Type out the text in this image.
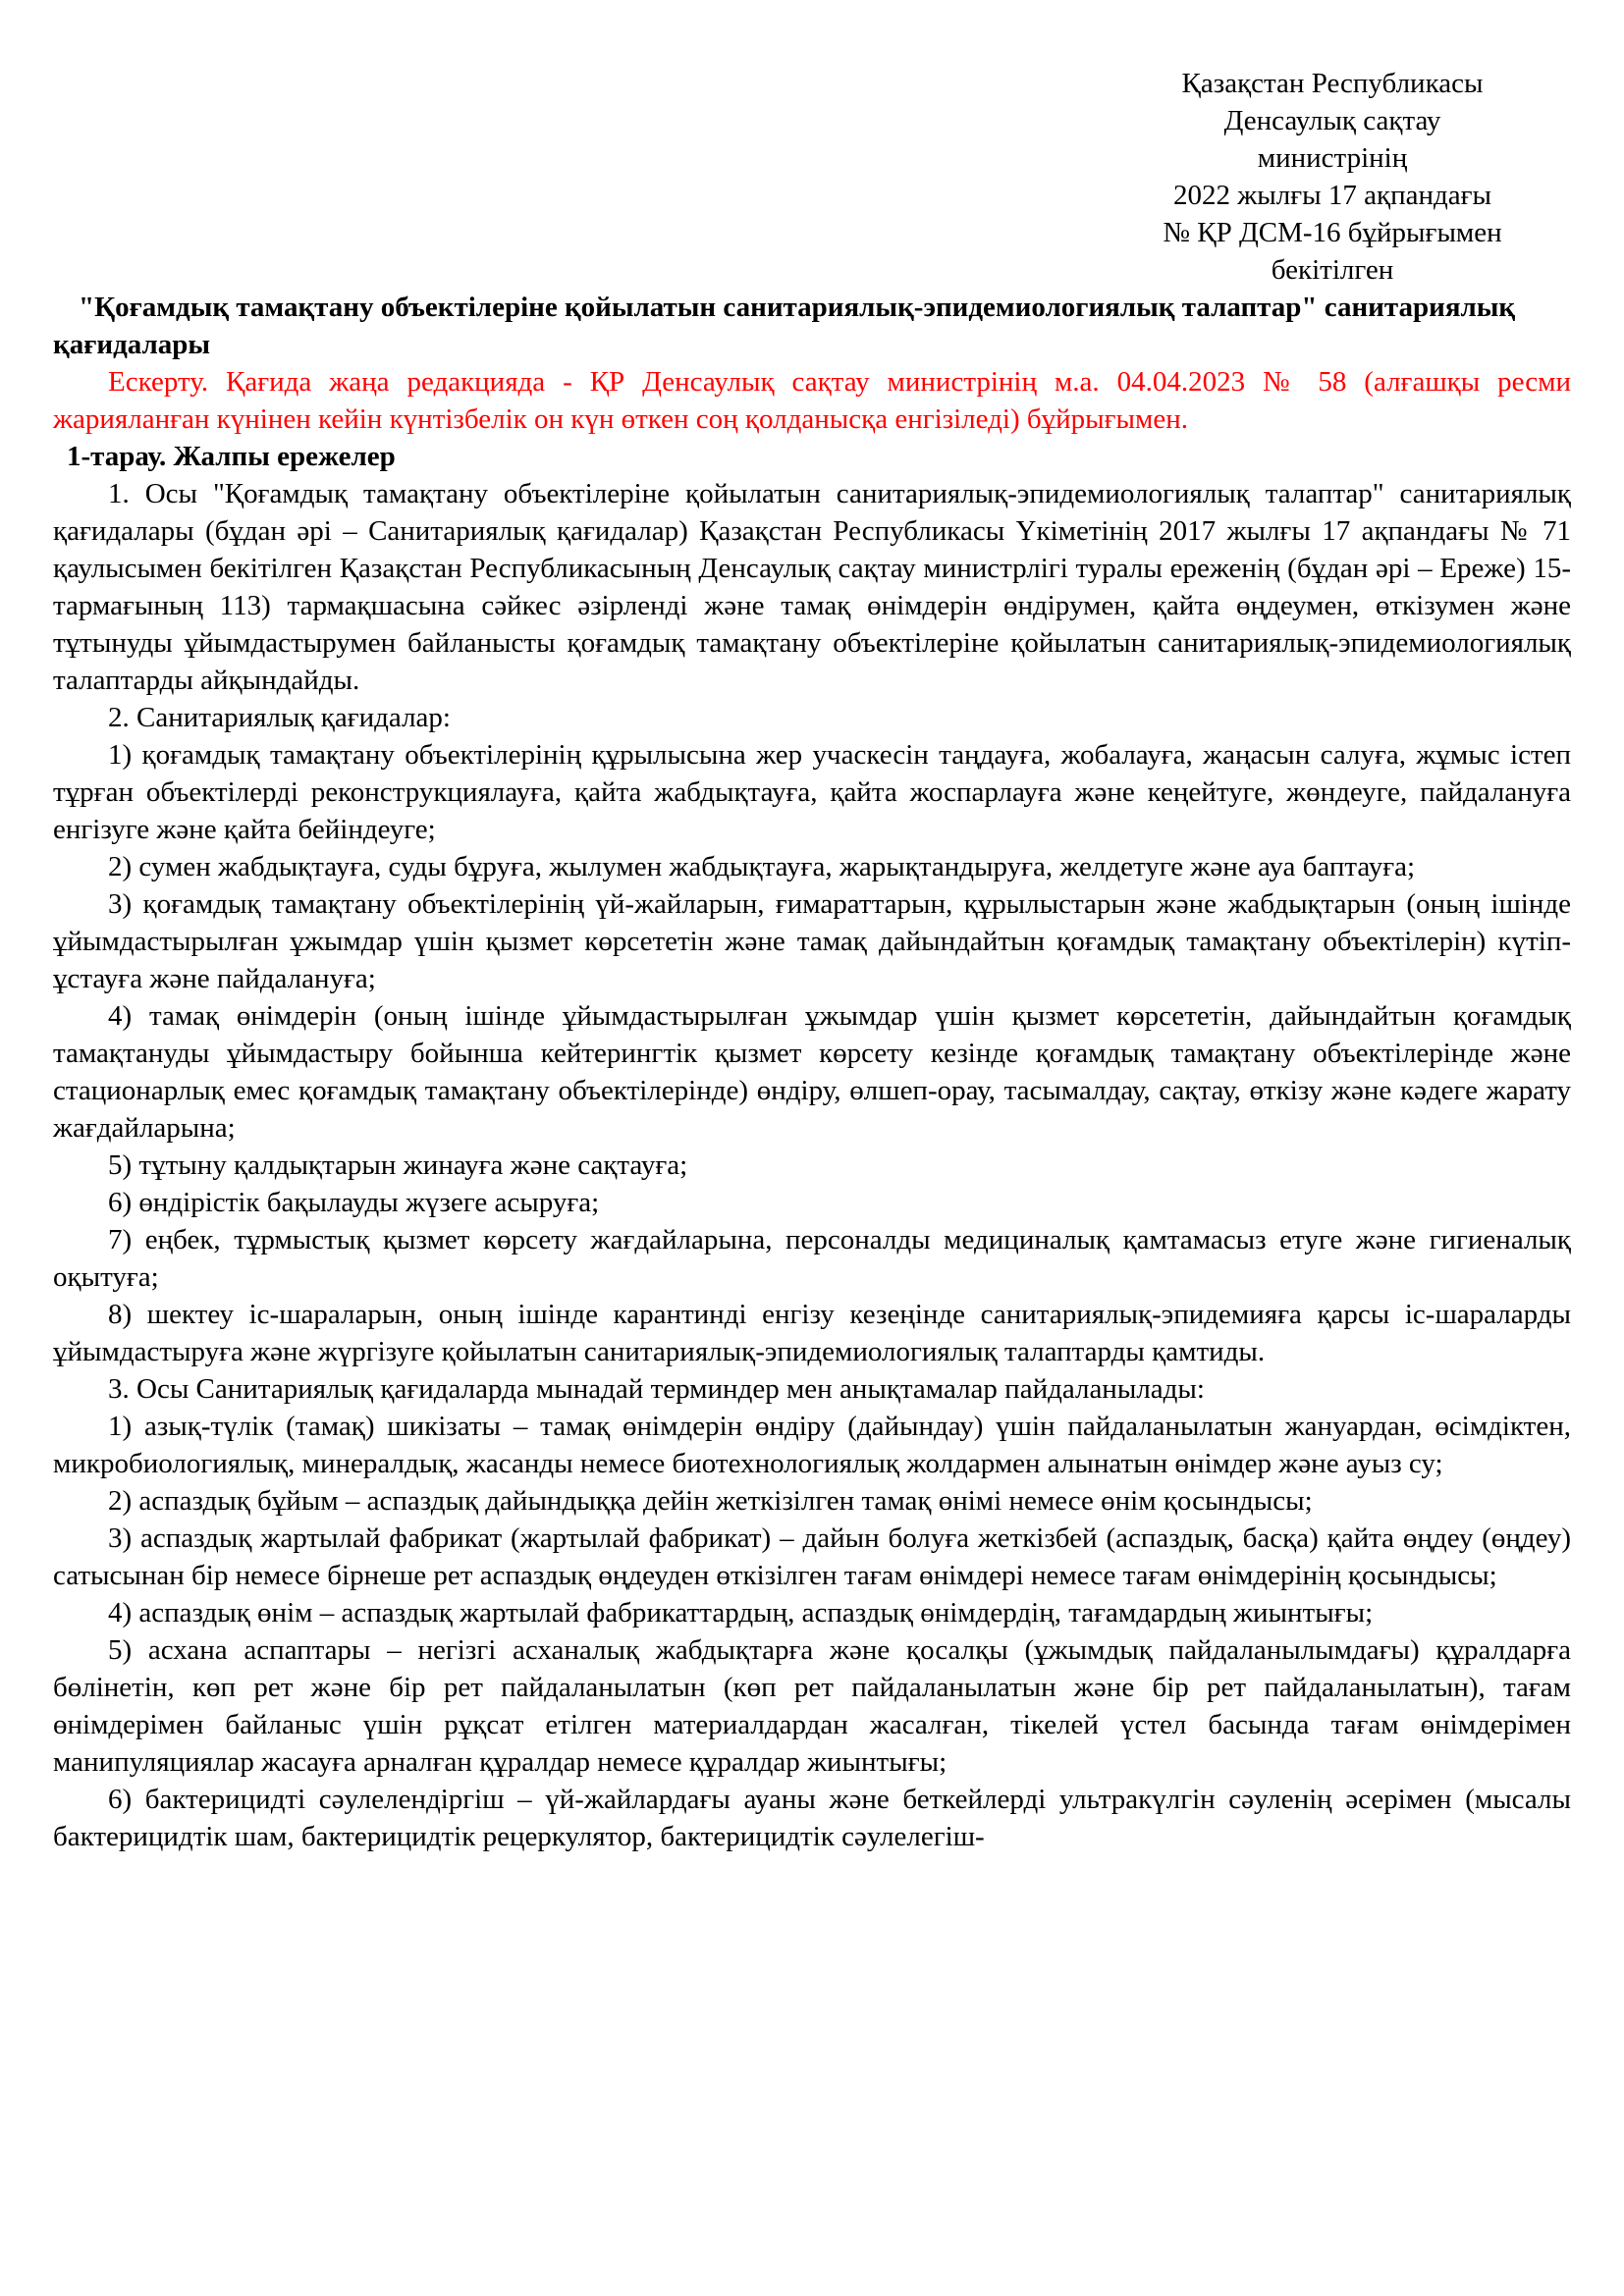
Қазақстан Республикасы
Денсаулық сақтау
министрінің
2022 жылғы 17 ақпандағы
№ ҚР ДСМ-16 бұйрығымен
бекітілген

"Қоғамдық тамақтану объектілеріне қойылатын санитариялық-эпидемиологиялық талаптар" санитариялық қағидалары

Ескерту. Қағида жаңа редакцияда - ҚР Денсаулық сақтау министрінің м.а. 04.04.2023 № 58 (алғашқы ресми жарияланған күнінен кейін күнтізбелік он күн өткен соң қолданысқа енгізіледі) бұйрығымен.

1-тарау. Жалпы ережелер

1. Осы "Қоғамдық тамақтану объектілеріне қойылатын санитариялық-эпидемиологиялық талаптар" санитариялық қағидалары (бұдан әрі – Санитариялық қағидалар) Қазақстан Республикасы Үкіметінің 2017 жылғы 17 ақпандағы № 71 қаулысымен бекітілген Қазақстан Республикасының Денсаулық сақтау министрлігі туралы ереженің (бұдан әрі – Ереже) 15-тармағының 113) тармақшасына сәйкес әзірленді және тамақ өнімдерін өндірумен, қайта өңдеумен, өткізумен және тұтынуды ұйымдастырумен байланысты қоғамдық тамақтану объектілеріне қойылатын санитариялық-эпидемиологиялық талаптарды айқындайды.

2. Санитариялық қағидалар:

1) қоғамдық тамақтану объектілерінің құрылысына жер учаскесін таңдауға, жобалауға, жаңасын салуға, жұмыс істеп тұрған объектілерді реконструкциялауға, қайта жабдықтауға, қайта жоспарлауға және кеңейтуге, жөндеуге, пайдалануға енгізуге және қайта бейіндеуге;

2) сумен жабдықтауға, суды бұруға, жылумен жабдықтауға, жарықтандыруға, желдетуге және ауа баптауға;

3) қоғамдық тамақтану объектілерінің үй-жайларын, ғимараттарын, құрылыстарын және жабдықтарын (оның ішінде ұйымдастырылған ұжымдар үшін қызмет көрсететін және тамақ дайындайтын қоғамдық тамақтану объектілерін) күтіп-ұстауға және пайдалануға;

4) тамақ өнімдерін (оның ішінде ұйымдастырылған ұжымдар үшін қызмет көрсететін, дайындайтын қоғамдық тамақтануды ұйымдастыру бойынша кейтерингтік қызмет көрсету кезінде қоғамдық тамақтану объектілерінде және стационарлық емес қоғамдық тамақтану объектілерінде) өндіру, өлшеп-орау, тасымалдау, сақтау, өткізу және кәдеге жарату жағдайларына;

5) тұтыну қалдықтарын жинауға және сақтауға;

6) өндірістік бақылауды жүзеге асыруға;

7) еңбек, тұрмыстық қызмет көрсету жағдайларына, персоналды медициналық қамтамасыз етуге және гигиеналық оқытуға;

8) шектеу іс-шараларын, оның ішінде карантинді енгізу кезеңінде санитариялық-эпидемияға қарсы іс-шараларды ұйымдастыруға және жүргізуге қойылатын санитариялық-эпидемиологиялық талаптарды қамтиды.

3. Осы Санитариялық қағидаларда мынадай терминдер мен анықтамалар пайдаланылады:

1) азық-түлік (тамақ) шикізаты – тамақ өнімдерін өндіру (дайындау) үшін пайдаланылатын жануардан, өсімдіктен, микробиологиялық, минералдық, жасанды немесе биотехнологиялық жолдармен алынатын өнімдер және ауыз су;

2) аспаздық бұйым – аспаздық дайындыққа дейін жеткізілген тамақ өнімі немесе өнім қосындысы;

3) аспаздық жартылай фабрикат (жартылай фабрикат) – дайын болуға жеткізбей (аспаздық, басқа) қайта өңдеу (өңдеу) сатысынан бір немесе бірнеше рет аспаздық өңдеуден өткізілген тағам өнімдері немесе тағам өнімдерінің қосындысы;

4) аспаздық өнім – аспаздық жартылай фабрикаттардың, аспаздық өнімдердің, тағамдардың жиынтығы;

5) асхана аспаптары – негізгі асханалық жабдықтарға және қосалқы (ұжымдық пайдаланылымдағы) құралдарға бөлінетін, көп рет және бір рет пайдаланылатын (көп рет пайдаланылатын және бір рет пайдаланылатын), тағам өнімдерімен байланыс үшін рұқсат етілген материалдардан жасалған, тікелей үстел басында тағам өнімдерімен манипуляциялар жасауға арналған құралдар немесе құралдар жиынтығы;

6) бактерицидті сәулелендіргіш – үй-жайлардағы ауаны және беткейлерді ультракүлгін сәуленің әсерімен (мысалы бактерицидтік шам, бактерицидтік рецеркулятор, бактерицидтік сәулелегіш-
